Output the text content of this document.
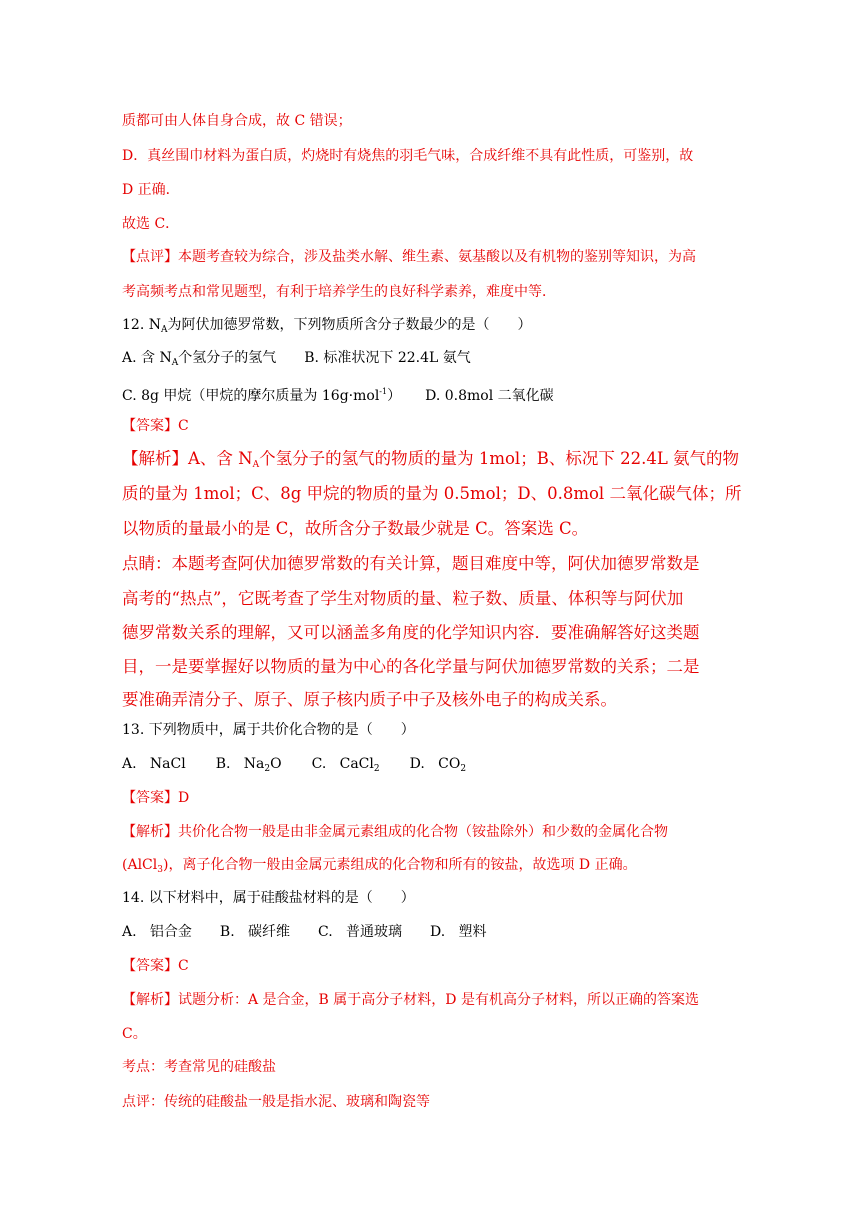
质都可由人体自身合成，故 C 错误；
D．真丝围巾材料为蛋白质，灼烧时有烧焦的羽毛气味，合成纤维不具有此性质，可鉴别，故
D 正确．
故选 C．
【点评】本题考查较为综合，涉及盐类水解、维生素、氨基酸以及有机物的鉴别等知识，为高
考高频考点和常见题型，有利于培养学生的良好科学素养，难度中等．
12. $N_A$为阿伏加德罗常数，下列物质所含分子数最少的是（　　）
A. 含 $N_A$个氢分子的氢气 B. 标准状况下 22.4L 氨气
C. 8g 甲烷（甲烷的摩尔质量为 16g·mol$^{-1}$） D. 0.8mol 二氧化碳
【答案】C
【解析】A、含 $N_A$个氢分子的氢气的物质的量为 1mol；B、标况下 22.4L 氨气的物
质的量为 1mol；C、8g 甲烷的物质的量为 0.5mol；D、0.8mol 二氧化碳气体；所
以物质的量最小的是 C，故所含分子数最少就是 C。答案选 C。
点睛：本题考查阿伏加德罗常数的有关计算，题目难度中等，阿伏加德罗常数是
高考的“热点”，它既考查了学生对物质的量、粒子数、质量、体积等与阿伏加
德罗常数关系的理解，又可以涵盖多角度的化学知识内容．要准确解答好这类题
目，一是要掌握好以物质的量为中心的各化学量与阿伏加德罗常数的关系；二是
要准确弄清分子、原子、原子核内质子中子及核外电子的构成关系。
13. 下列物质中，属于共价化合物的是（　　）
A.   NaCl B.   $Na_2O$ C.   CaCl$_2$ D.   $CO_2$
【答案】D
【解析】共价化合物一般是由非金属元素组成的化合物（铵盐除外）和少数的金属化合物
(AlCl$_3$)，离子化合物一般由金属元素组成的化合物和所有的铵盐，故选项 D 正确。
14. 以下材料中，属于硅酸盐材料的是（　　）
A.   铝合金 B.   碳纤维 C.   普通玻璃 D.   塑料
【答案】C
【解析】试题分析：A 是合金，B 属于高分子材料，D 是有机高分子材料，所以正确的答案选
C。
考点：考查常见的硅酸盐
点评：传统的硅酸盐一般是指水泥、玻璃和陶瓷等
